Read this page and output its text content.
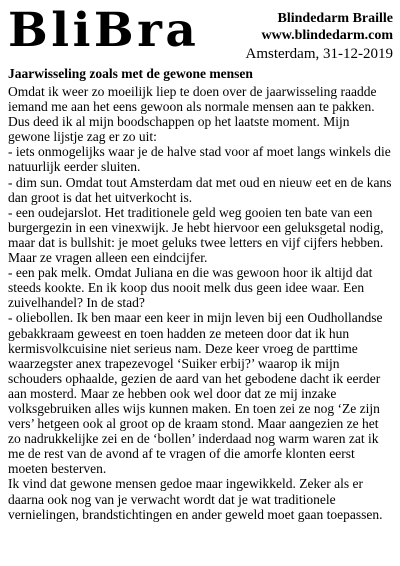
BliBra	Blindedarm Braille
www.blindedarm.com
Amsterdam, 31-12-2019
Jaarwisseling zoals met de gewone mensen

Omdat ik weer zo moeilijk liep te doen over de jaarwisseling raadde iemand me aan het eens gewoon als normale mensen aan te pakken. Dus deed ik al mijn boodschappen op het laatste moment. Mijn gewone lijstje zag er zo uit:

- iets onmogelijks waar je de halve stad voor af moet langs winkels die natuurlijk eerder sluiten.

- dim sun. Omdat tout Amsterdam dat met oud en nieuw eet en de kans dan groot is dat het uitverkocht is.

- een oudejarslot. Het traditionele geld weg gooien ten bate van een burgergezin in een vinexwijk. Je hebt hiervoor een geluksgetal nodig, maar dat is bullshit: je moet geluks twee letters en vijf cijfers hebben. Maar ze vragen alleen een eindcijfer.

- een pak melk. Omdat Juliana en die was gewoon hoor ik altijd dat steeds kookte. En ik koop dus nooit melk dus geen idee waar. Een zuivelhandel? In de stad?

- oliebollen. Ik ben maar een keer in mijn leven bij een Oudhollandse gebakkraam geweest en toen hadden ze meteen door dat ik hun kermisvolkcuisine niet serieus nam. Deze keer vroeg de parttime waarzegster anex trapezevogel ‘Suiker erbij?’ waarop ik mijn schouders ophaalde, gezien de aard van het gebodene dacht ik eerder aan mosterd. Maar ze hebben ook wel door dat ze mij inzake volksgebruiken alles wijs kunnen maken. En toen zei ze nog ‘Ze zijn vers’ hetgeen ook al groot op de kraam stond. Maar aangezien ze het zo nadrukkelijke zei en de ‘bollen’ inderdaad nog warm waren zat ik me de rest van de avond af te vragen of die amorfe klonten eerst moeten besterven.

Ik vind dat gewone mensen gedoe maar ingewikkeld. Zeker als er daarna ook nog van je verwacht wordt dat je wat traditionele vernielingen, brandstichtingen en ander geweld moet gaan toepassen.
